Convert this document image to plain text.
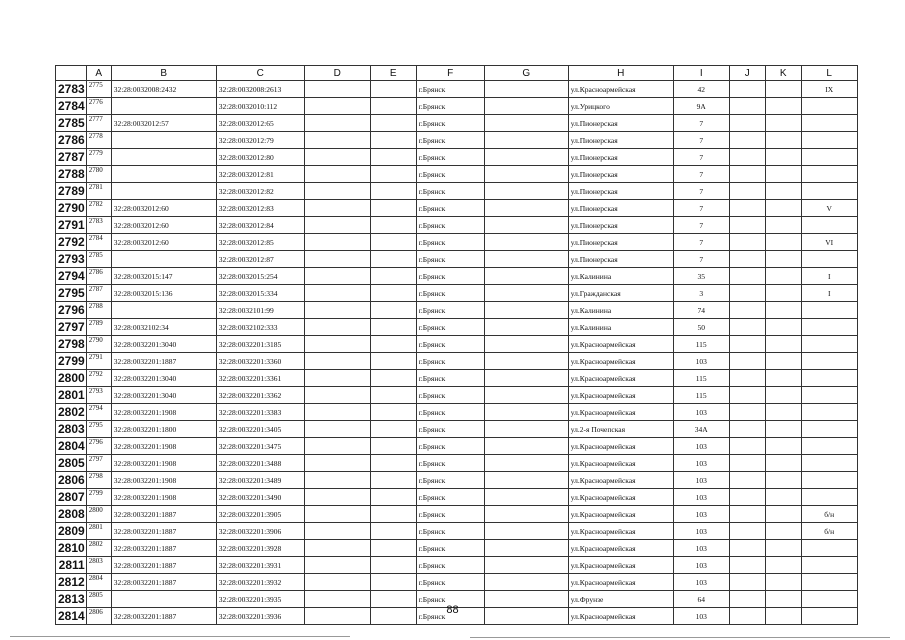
	A	B	C	D	E	F	G	H	I	J	K	L
2783	2775	32:28:0032008:2432	32:28:0032008:2613			г.Брянск		ул.Красноармейская	42			IX
2784	2776		32:28:0032010:112			г.Брянск		ул.Урицкого	9А			
2785	2777	32:28:0032012:57	32:28:0032012:65			г.Брянск		ул.Пионерская	7			
2786	2778		32:28:0032012:79			г.Брянск		ул.Пионерская	7			
2787	2779		32:28:0032012:80			г.Брянск		ул.Пионерская	7			
2788	2780		32:28:0032012:81			г.Брянск		ул.Пионерская	7			
2789	2781		32:28:0032012:82			г.Брянск		ул.Пионерская	7			
2790	2782	32:28:0032012:60	32:28:0032012:83			г.Брянск		ул.Пионерская	7			V
2791	2783	32:28:0032012:60	32:28:0032012:84			г.Брянск		ул.Пионерская	7			
2792	2784	32:28:0032012:60	32:28:0032012:85			г.Брянск		ул.Пионерская	7			VI
2793	2785		32:28:0032012:87			г.Брянск		ул.Пионерская	7			
2794	2786	32:28:0032015:147	32:28:0032015:254			г.Брянск		ул.Калинина	35			I
2795	2787	32:28:0032015:136	32:28:0032015:334			г.Брянск		ул.Гражданская	3			I
2796	2788		32:28:0032101:99			г.Брянск		ул.Калинина	74			
2797	2789	32:28:0032102:34	32:28:0032102:333			г.Брянск		ул.Калинина	50			
2798	2790	32:28:0032201:3040	32:28:0032201:3185			г.Брянск		ул.Красноармейская	115			
2799	2791	32:28:0032201:1887	32:28:0032201:3360			г.Брянск		ул.Красноармейская	103			
2800	2792	32:28:0032201:3040	32:28:0032201:3361			г.Брянск		ул.Красноармейская	115			
2801	2793	32:28:0032201:3040	32:28:0032201:3362			г.Брянск		ул.Красноармейская	115			
2802	2794	32:28:0032201:1908	32:28:0032201:3383			г.Брянск		ул.Красноармейская	103			
2803	2795	32:28:0032201:1800	32:28:0032201:3405			г.Брянск		ул.2-я Почепская	34А			
2804	2796	32:28:0032201:1908	32:28:0032201:3475			г.Брянск		ул.Красноармейская	103			
2805	2797	32:28:0032201:1908	32:28:0032201:3488			г.Брянск		ул.Красноармейская	103			
2806	2798	32:28:0032201:1908	32:28:0032201:3489			г.Брянск		ул.Красноармейская	103			
2807	2799	32:28:0032201:1908	32:28:0032201:3490			г.Брянск		ул.Красноармейская	103			
2808	2800	32:28:0032201:1887	32:28:0032201:3905			г.Брянск		ул.Красноармейская	103			б/н
2809	2801	32:28:0032201:1887	32:28:0032201:3906			г.Брянск		ул.Красноармейская	103			б/н
2810	2802	32:28:0032201:1887	32:28:0032201:3928			г.Брянск		ул.Красноармейская	103			
2811	2803	32:28:0032201:1887	32:28:0032201:3931			г.Брянск		ул.Красноармейская	103			
2812	2804	32:28:0032201:1887	32:28:0032201:3932			г.Брянск		ул.Красноармейская	103			
2813	2805		32:28:0032201:3935			г.Брянск		ул.Фрунзе	64			
2814	2806	32:28:0032201:1887	32:28:0032201:3936			г.Брянск		ул.Красноармейская	103			
88
